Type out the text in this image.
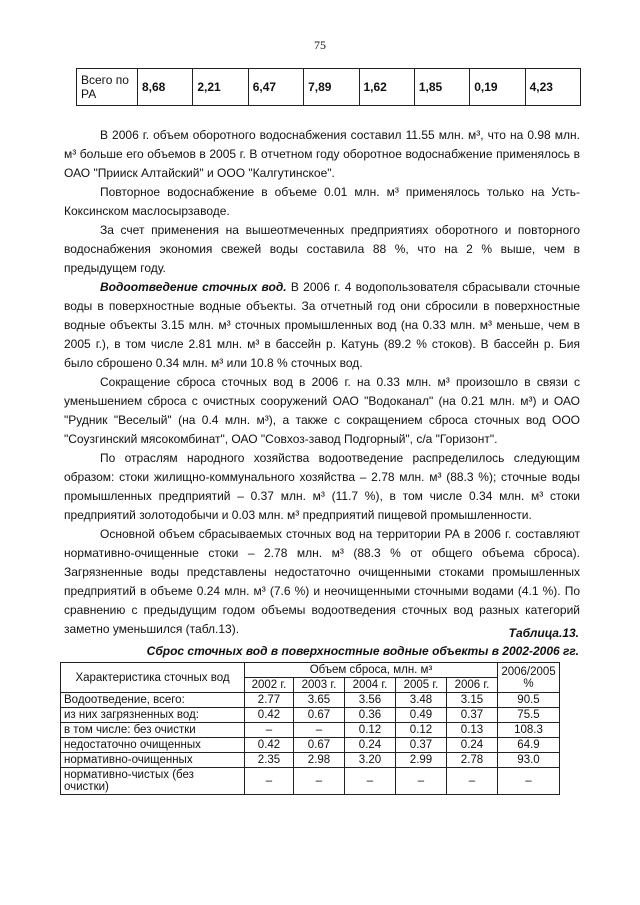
75
Всего по РА	8,68	2,21	6,47	7,89	1,62	1,85	0,19	4,23

В 2006 г. объем оборотного водоснабжения составил 11.55 млн. м³, что на 0.98 млн. м³ больше его объемов в 2005 г. В отчетном году оборотное водоснабжение применялось в ОАО "Прииск Алтайский" и ООО "Калгутинское".

Повторное водоснабжение в объеме 0.01 млн. м³ применялось только на Усть-Коксинском маслосырзаводе.

За счет применения на вышеотмеченных предприятиях оборотного и повторного водоснабжения экономия свежей воды составила 88 %, что на 2 % выше, чем в предыдущем году.

Водоотведение сточных вод. В 2006 г. 4 водопользователя сбрасывали сточные воды в поверхностные водные объекты. За отчетный год они сбросили в поверхностные водные объекты 3.15 млн. м³ сточных промышленных вод (на 0.33 млн. м³ меньше, чем в 2005 г.), в том числе 2.81 млн. м³ в бассейн р. Катунь (89.2 % стоков). В бассейн р. Бия было сброшено 0.34 млн. м³ или 10.8 % сточных вод.

Сокращение сброса сточных вод в 2006 г. на 0.33 млн. м³ произошло в связи с уменьшением сброса с очистных сооружений ОАО "Водоканал" (на 0.21 млн. м³) и ОАО "Рудник "Веселый" (на 0.4 млн. м³), а также с сокращением сброса сточных вод ООО "Соузгинский мясокомбинат", ОАО "Совхоз-завод Подгорный", с/а "Горизонт".

По отраслям народного хозяйства водоотведение распределилось следующим образом: стоки жилищно-коммунального хозяйства – 2.78 млн. м³ (88.3 %); сточные воды промышленных предприятий – 0.37 млн. м³ (11.7 %), в том числе 0.34 млн. м³ стоки предприятий золотодобычи и 0.03 млн. м³ предприятий пищевой промышленности.

Основной объем сбрасываемых сточных вод на территории РА в 2006 г. составляют нормативно-очищенные стоки – 2.78 млн. м³ (88.3 % от общего объема сброса). Загрязненные воды представлены недостаточно очищенными стоками промышленных предприятий в объеме 0.24 млн. м³ (7.6 %) и неочищенными сточными водами (4.1 %). По сравнению с предыдущим годом объемы водоотведения сточных вод разных категорий заметно уменьшился (табл.13).	Таблица.13.
Сброс сточных вод в поверхностные водные объекты в 2002-2006 гг.
Характеристика сточных вод	Объем сброса, млн. м³					2006/2005 %
	2002 г.	2003 г.	2004 г.	2005 г.	2006 г.	
Водоотведение, всего:	2.77	3.65	3.56	3.48	3.15	90.5
из них загрязненных вод:	0.42	0.67	0.36	0.49	0.37	75.5
в том числе: без очистки	–	–	0.12	0.12	0.13	108.3
недостаточно очищенных	0.42	0.67	0.24	0.37	0.24	64.9
нормативно-очищенных	2.35	2.98	3.20	2.99	2.78	93.0
нормативно-чистых (без очистки)	–	–	–	–	–	–
